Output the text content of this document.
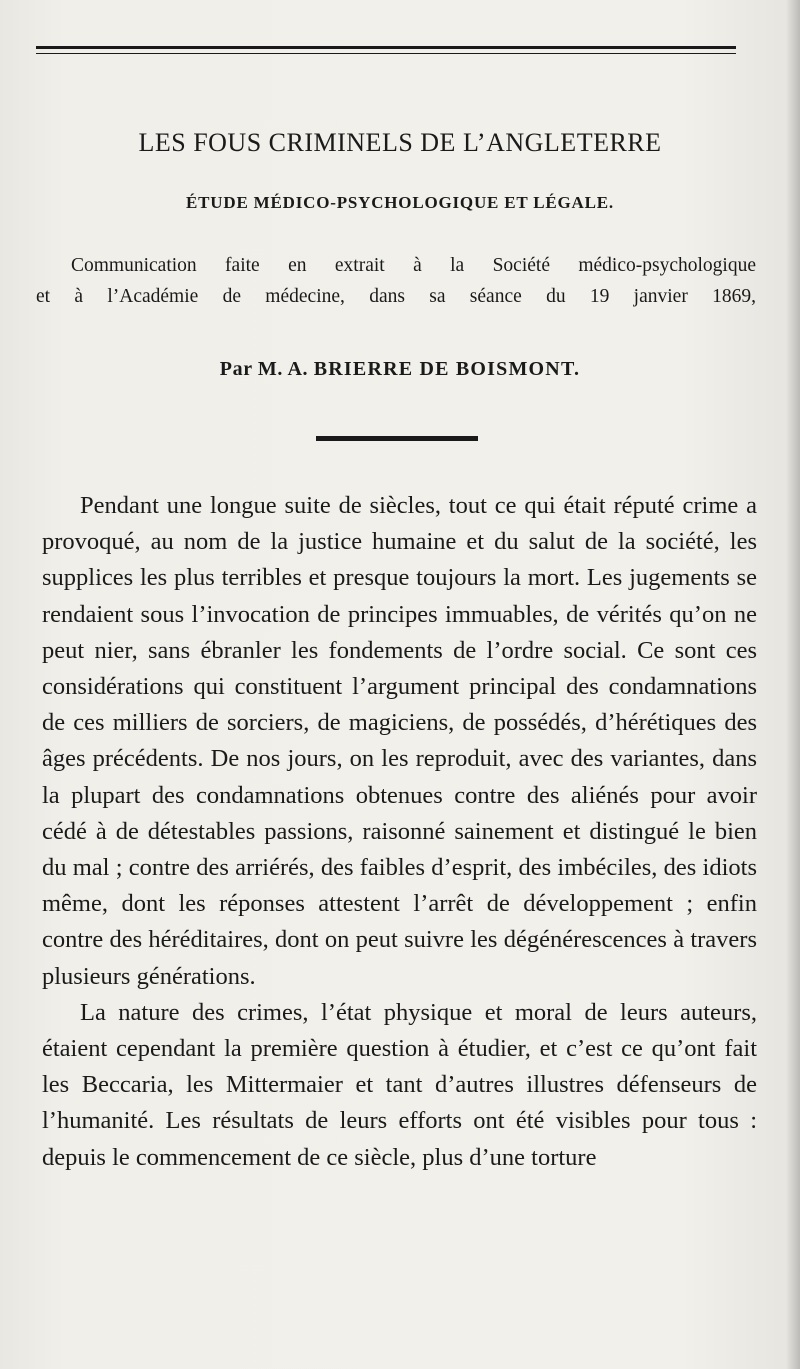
LES FOUS CRIMINELS DE L’ANGLETERRE
ÉTUDE MÉDICO-PSYCHOLOGIQUE ET LÉGALE.
Communication faite en extrait à la Société médico-psychologique
et à l’Académie de médecine, dans sa séance du 19 janvier 1869,
Par M. A. BRIERRE DE BOISMONT.

Pendant une longue suite de siècles, tout ce qui était réputé crime a provoqué, au nom de la justice humaine et du salut de la société, les supplices les plus terribles et presque toujours la mort. Les jugements se rendaient sous l’invocation de principes immuables, de vérités qu’on ne peut nier, sans ébranler les fondements de l’ordre social. Ce sont ces considérations qui constituent l’argument principal des condamnations de ces milliers de sorciers, de magiciens, de possédés, d’hérétiques des âges précédents. De nos jours, on les reproduit, avec des variantes, dans la plupart des condamnations obtenues contre des aliénés pour avoir cédé à de détestables passions, raisonné sainement et distingué le bien du mal ; contre des arriérés, des faibles d’esprit, des imbéciles, des idiots même, dont les réponses attestent l’arrêt de développement ; enfin contre des héréditaires, dont on peut suivre les dégénérescences à travers plusieurs générations.

La nature des crimes, l’état physique et moral de leurs auteurs, étaient cependant la première question à étudier, et c’est ce qu’ont fait les Beccaria, les Mittermaier et tant d’autres illustres défenseurs de l’humanité. Les résultats de leurs efforts ont été visibles pour tous : depuis le commencement de ce siècle, plus d’une torture
